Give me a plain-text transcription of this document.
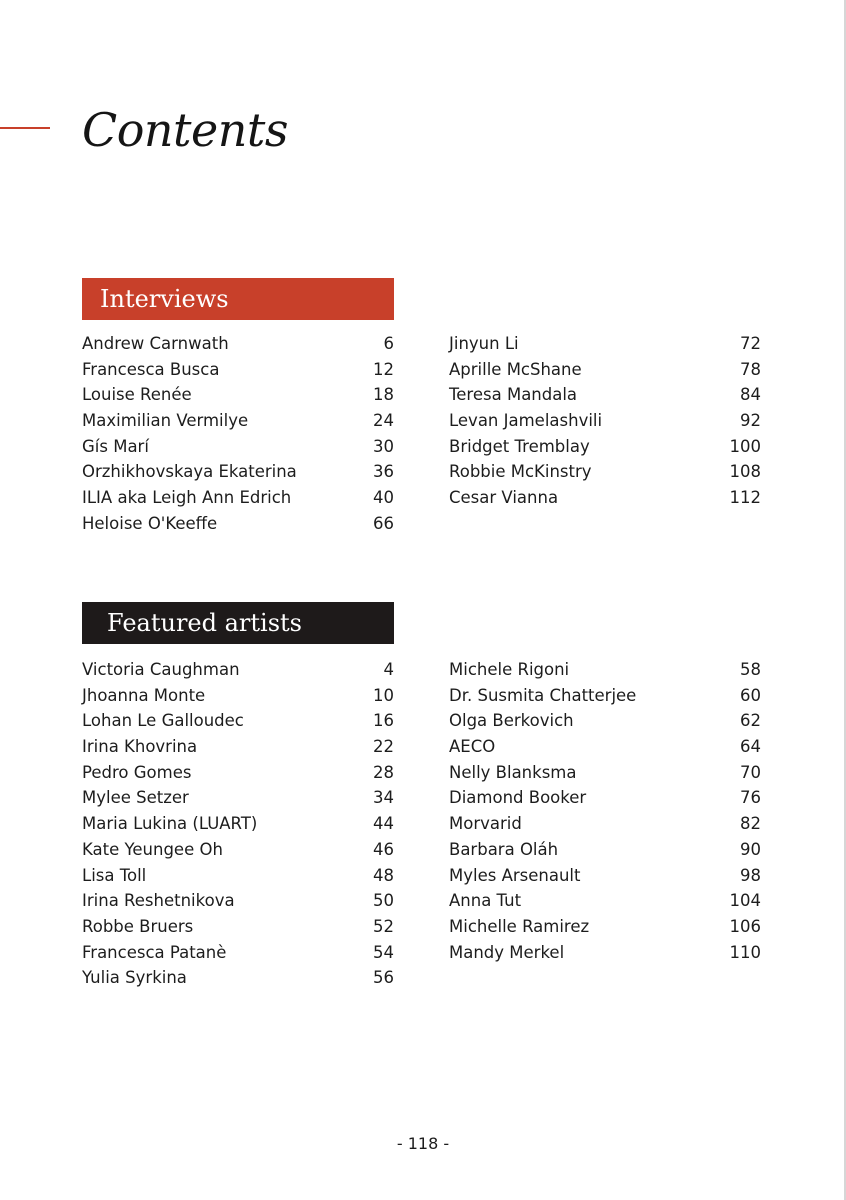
Contents
Interviews
Andrew Carnwath	6
Francesca Busca	12
Louise Renée	18
Maximilian Vermilye	24
Gís Marí	30
Orzhikhovskaya Ekaterina	36
ILIA aka Leigh Ann Edrich	40
Heloise O'Keeffe	66
Jinyun Li	72
Aprille McShane	78
Teresa Mandala	84
Levan Jamelashvili	92
Bridget Tremblay	100
Robbie McKinstry	108
Cesar Vianna	112
Featured artists
Victoria Caughman	4
Jhoanna Monte	10
Lohan Le Galloudec	16
Irina Khovrina	22
Pedro Gomes	28
Mylee Setzer	34
Maria Lukina (LUART)	44
Kate Yeungee Oh	46
Lisa Toll	48
Irina Reshetnikova	50
Robbe Bruers	52
Francesca Patanè	54
Yulia Syrkina	56
Michele Rigoni	58
Dr. Susmita Chatterjee	60
Olga Berkovich	62
AECO	64
Nelly Blanksma	70
Diamond Booker	76
Morvarid	82
Barbara Oláh	90
Myles Arsenault	98
Anna Tut	104
Michelle Ramirez	106
Mandy Merkel	110
- 118 -
